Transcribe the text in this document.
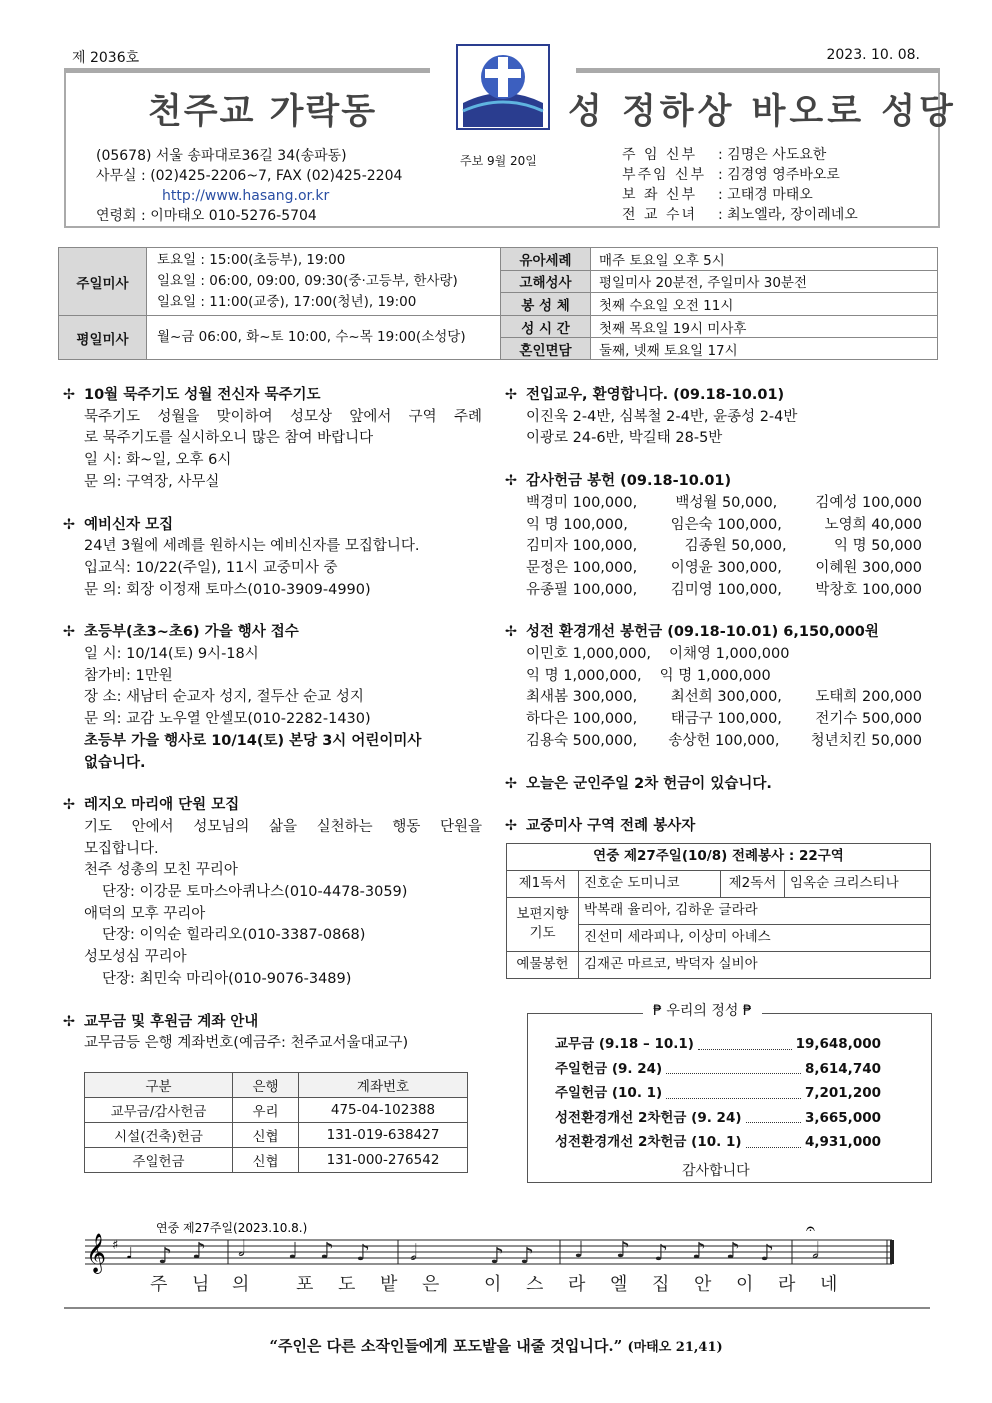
제 2036호	2023. 10. 08.
천주교 가락동	성 정하상 바오로 성당
(05678) 서울 송파대로36길 34(송파동)
사무실 : (02)425-2206~7, FAX (02)425-2204
http://www.hasang.or.kr
연령회 : 이마태오 010-5276-5704
주보 9월 20일	주 임 신부 : 김명은 사도요한
부주임 신부 : 김경영 영주바오로
보 좌 신부 : 고태경 마태오
전 교 수녀 : 최노엘라, 장이레네오
주일미사	토요일 : 15:00(초등부), 19:00
일요일 : 06:00, 09:00, 09:30(중·고등부, 한사랑)
일요일 : 11:00(교중), 17:00(청년), 19:00	유아세례	매주 토요일 오후 5시
		고해성사	평일미사 20분전, 주일미사 30분전
		봉 성 체	첫째 수요일 오전 11시
평일미사	월~금 06:00, 화~토 10:00, 수~목 19:00(소성당)	성 시 간	첫째 목요일 19시 미사후
		혼인면담	둘째, 넷째 토요일 17시
✢ 10월 묵주기도 성월 전신자 묵주기도
묵주기도 성월을 맞이하여 성모상 앞에서 구역 주례
로 묵주기도를 실시하오니 많은 참여 바랍니다
일 시: 화~일, 오후 6시
문 의: 구역장, 사무실
✢ 예비신자 모집
24년 3월에 세례를 원하시는 예비신자를 모집합니다.
입교식: 10/22(주일), 11시 교중미사 중
문 의: 회장 이정재 토마스(010-3909-4990)
✢ 초등부(초3~초6) 가을 행사 접수
일 시: 10/14(토) 9시-18시
참가비: 1만원
장 소: 새남터 순교자 성지, 절두산 순교 성지
문 의: 교감 노우열 안셀모(010-2282-1430)
초등부 가을 행사로 10/14(토) 본당 3시 어린이미사
없습니다.
✢ 레지오 마리애 단원 모집
기도 안에서 성모님의 삶을 실천하는 행동 단원을
모집합니다.
천주 성총의 모친 꾸리아
단장: 이강문 토마스아퀴나스(010-4478-3059)
애덕의 모후 꾸리아
단장: 이익순 힐라리오(010-3387-0868)
성모성심 꾸리아
단장: 최민숙 마리아(010-9076-3489)
✢ 교무금 및 후원금 계좌 안내
교무금등 은행 계좌번호(예금주: 천주교서울대교구)
구분	은행	계좌번호
교무금/감사헌금	우리	475-04-102388
시설(건축)헌금	신협	131-019-638427
주일헌금	신협	131-000-276542
✢ 전입교우, 환영합니다. (09.18-10.01)
이진욱 2-4반, 심복철 2-4반, 윤종성 2-4반
이광로 24-6반, 박길태 28-5반
✢ 감사헌금 봉헌 (09.18-10.01)
백경미 100,000,	백성월 50,000,	김예성 100,000
익 명 100,000,	임은숙 100,000,	노영희 40,000
김미자 100,000,	김종원 50,000,	익 명 50,000
문정은 100,000, 이영윤 300,000, 이혜원 300,000
유종필 100,000, 김미영 100,000, 박창호 100,000
✢ 성전 환경개선 봉헌금 (09.18-10.01) 6,150,000원
이민호 1,000,000, 이채영 1,000,000
익 명 1,000,000, 익 명 1,000,000
최새봄 300,000, 최선희 300,000, 도태희 200,000
하다은 100,000, 태금구 100,000, 전기수 500,000
김용숙 500,000, 송상헌 100,000, 청년치킨 50,000
✢ 오늘은 군인주일 2차 헌금이 있습니다.
✢ 교중미사 구역 전례 봉사자
연중 제27주일(10/8) 전례봉사 : 22구역			
제1독서	진호순 도미니코	제2독서	임옥순 크리스티나
보편지향 기도	박복래 율리아, 김하운 글라라		
	진선미 세라피나, 이상미 아녜스		
예물봉헌	김재곤 마르코, 박덕자 실비아		
₱ 우리의 정성 ₱
교무금 (9.18 – 10.1)	19,648,000
주일헌금 (9. 24)	8,614,740
주일헌금 (10. 1)	7,201,200
성전환경개선 2차헌금 (9. 24)	3,665,000
성전환경개선 2차헌금 (10. 1)	4,931,000
감사합니다
연중 제27주일(2023.10.8.)
𝄞 ♯ ♩ ♪ ♪ 𝅗𝅥 ♩ ♪ ♪ 𝅗𝅥	♪ ♪ ♩ ♪ ♪ ♪ ♪ ♪ 𝅗𝅥
𝄐
주 님 의	포 도 밭 은 이 스 라 엘 집 안 이 라 네
“주인은 다른 소작인들에게 포도밭을 내줄 것입니다.” (마태오 21,41)
